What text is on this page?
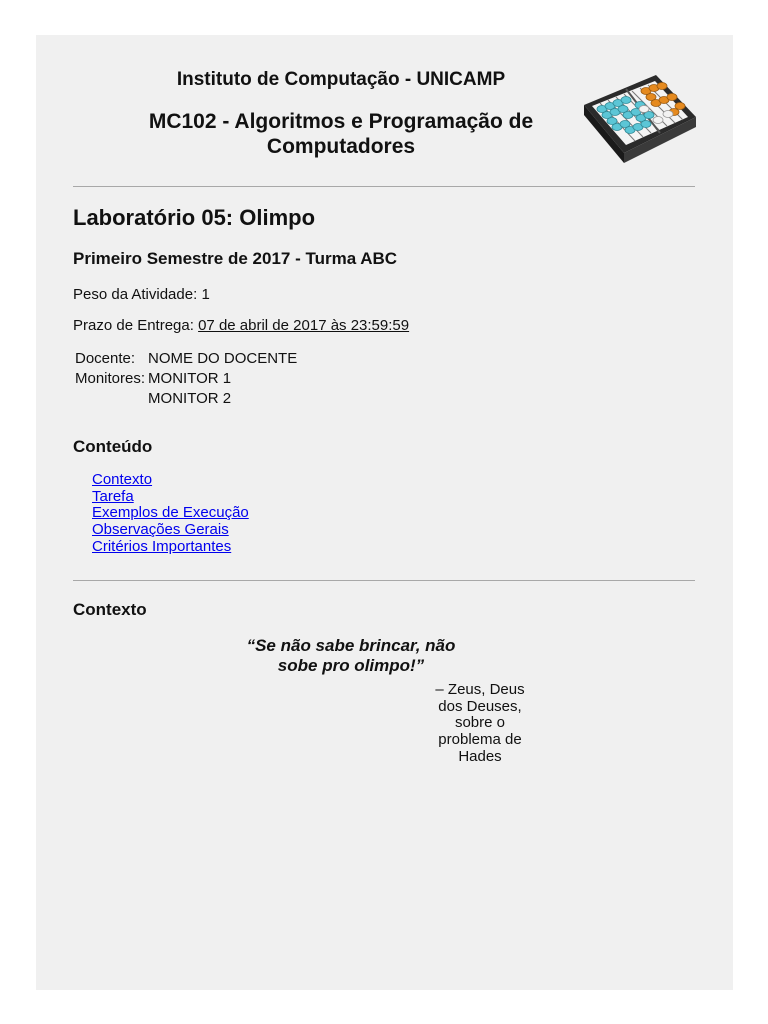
Instituto de Computação - UNICAMP

MC102 - Algoritmos e Programação de Computadores

Laboratório 05: Olimpo
Primeiro Semestre de 2017 - Turma ABC

Peso da Atividade: 1

Prazo de Entrega: 07 de abril de 2017 às 23:59:59

Docente:	NOME DO DOCENTE
Monitores:	MONITOR 1
	MONITOR 2
Conteúdo
Contexto
Tarefa
Exemplos de Execução
Observações Gerais
Critérios Importantes
Contexto

“Se não sabe brincar, não sobe pro olimpo!”

– Zeus, Deus dos Deuses, sobre o problema de Hades
